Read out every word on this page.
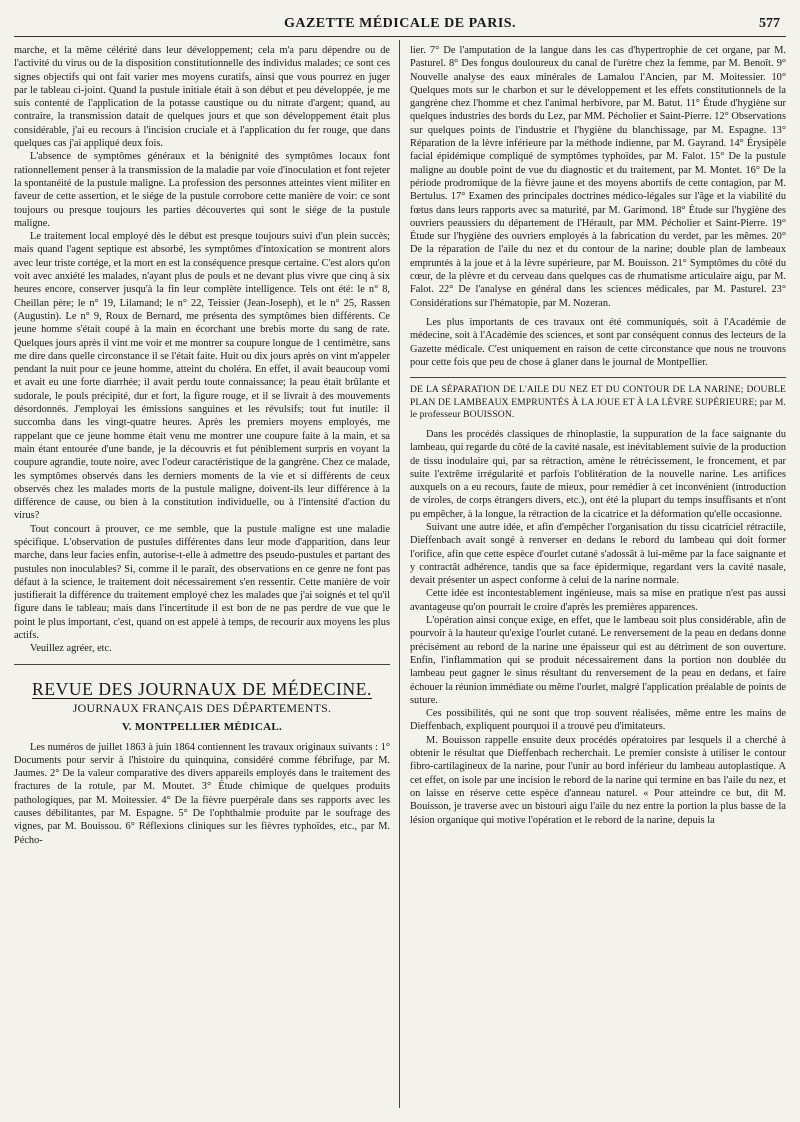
GAZETTE MÉDICALE DE PARIS.	577

marche, et la même célérité dans leur développement; cela m'a paru dépendre ou de l'activité du virus ou de la disposition constitutionnelle des individus malades; ce sont ces signes objectifs qui ont fait varier mes moyens curatifs, ainsi que vous pourrez en juger par le tableau ci-joint. Quand la pustule initiale était à son début et peu développée, je me suis contenté de l'application de la potasse caustique ou du nitrate d'argent; quand, au contraire, la transmission datait de quelques jours et que son développement était plus considérable, j'ai eu recours à l'incision cruciale et à l'application du fer rouge, que dans quelques cas j'ai appliqué deux fois.

L'absence de symptômes généraux et la bénignité des symptômes locaux font rationnellement penser à la transmission de la maladie par voie d'inoculation et font rejeter la spontanéité de la pustule maligne. La profession des personnes atteintes vient militer en faveur de cette assertion, et le siége de la pustule corrobore cette manière de voir: ce sont toujours ou presque toujours les parties découvertes qui sont le siége de la pustule maligne.

Le traitement local employé dès le début est presque toujours suivi d'un plein succès; mais quand l'agent septique est absorbé, les symptômes d'intoxication se montrent alors avec leur triste cortége, et la mort en est la conséquence presque certaine. C'est alors qu'on voit avec anxiété les malades, n'ayant plus de pouls et ne devant plus vivre que cinq à six heures encore, conserver jusqu'à la fin leur complète intelligence. Tels ont été: le n° 8, Cheillan père; le n° 19, Lilamand; le n° 22, Teissier (Jean-Joseph), et le n° 25, Rassen (Augustin). Le n° 9, Roux de Bernard, me présenta des symptômes bien différents. Ce jeune homme s'était coupé à la main en écorchant une brebis morte du sang de rate. Quelques jours après il vint me voir et me montrer sa coupure longue de 1 centimètre, sans me dire dans quelle circonstance il se l'était faite. Huit ou dix jours après on vint m'appeler pendant la nuit pour ce jeune homme, atteint du choléra. En effet, il avait beaucoup vomi et avait eu une forte diarrhée; il avait perdu toute connaissance; la peau était brûlante et sudorale, le pouls précipité, dur et fort, la figure rouge, et il se livrait à des mouvements désordonnés. J'employai les émissions sanguines et les révulsifs; tout fut inutile: il succomba dans les vingt-quatre heures. Après les premiers moyens employés, me rappelant que ce jeune homme était venu me montrer une coupure faite à la main, et sa main étant entourée d'une bande, je la découvris et fut péniblement surpris en voyant la coupure agrandie, toute noire, avec l'odeur caractéristique de la gangrène. Chez ce malade, les symptômes observés dans les derniers moments de la vie et si différents de ceux observés chez les malades morts de la pustule maligne, doivent-ils leur différence à la différence de cause, ou bien à la constitution individuelle, ou à l'intensité d'action du virus?

Tout concourt à prouver, ce me semble, que la pustule maligne est une maladie spécifique. L'observation de pustules différentes dans leur mode d'apparition, dans leur marche, dans leur facies enfin, autorise-t-elle à admettre des pseudo-pustules et partant des pustules non inoculables? Si, comme il le paraît, des observations en ce genre ne font pas défaut à la science, le traitement doit nécessairement s'en ressentir. Cette manière de voir justifierait la différence du traitement employé chez les malades que j'ai soignés et tel qu'il figure dans le tableau; mais dans l'incertitude il est bon de ne pas perdre de vue que le point le plus important, c'est, quand on est appelé à temps, de recourir aux moyens les plus actifs.

Veuillez agréer, etc.

REVUE DES JOURNAUX DE MÉDECINE.
JOURNAUX FRANÇAIS DES DÉPARTEMENTS.
V. MONTPELLIER MÉDICAL.

Les numéros de juillet 1863 à juin 1864 contiennent les travaux originaux suivants : 1° Documents pour servir à l'histoire du quinquina, considéré comme fébrifuge, par M. Jaumes. 2° De la valeur comparative des divers appareils employés dans le traitement des fractures de la rotule, par M. Moutet. 3° Étude chimique de quelques produits pathologiques, par M. Moitessier. 4° De la fièvre puerpérale dans ses rapports avec les causes débilitantes, par M. Espagne. 5° De l'ophthalmie produite par le soufrage des vignes, par M. Bouissou. 6° Réflexions cliniques sur les fièvres typhoïdes, etc., par M. Pécho-

lier. 7° De l'amputation de la langue dans les cas d'hypertrophie de cet organe, par M. Pasturel. 8° Des fongus douloureux du canal de l'urètre chez la femme, par M. Benoît. 9° Nouvelle analyse des eaux minérales de Lamalou l'Ancien, par M. Moitessier. 10° Quelques mots sur le charbon et sur le développement et les effets constitutionnels de la gangrène chez l'homme et chez l'animal herbivore, par M. Batut. 11° Étude d'hygiène sur quelques industries des bords du Lez, par MM. Pécholier et Saint-Pierre. 12° Observations sur quelques points de l'industrie et l'hygiène du blanchissage, par M. Espagne. 13° Réparation de la lèvre inférieure par la méthode indienne, par M. Gayrand. 14° Érysipèle facial épidémique compliqué de symptômes typhoïdes, par M. Falot. 15° De la pustule maligne au double point de vue du diagnostic et du traitement, par M. Montet. 16° De la période prodromique de la fièvre jaune et des moyens abortifs de cette contagion, par M. Bertulus. 17° Examen des principales doctrines médico-légales sur l'âge et la viabilité du fœtus dans leurs rapports avec sa maturité, par M. Garimond. 18° Étude sur l'hygiène des ouvriers peaussiers du département de l'Hérault, par MM. Pécholier et Saint-Pierre. 19° Étude sur l'hygiène des ouvriers employés à la fabrication du verdet, par les mêmes. 20° De la réparation de l'aile du nez et du contour de la narine; double plan de lambeaux empruntés à la joue et à la lèvre supérieure, par M. Bouisson. 21° Symptômes du côté du cœur, de la plèvre et du cerveau dans quelques cas de rhumatisme articulaire aigu, par M. Falot. 22° De l'analyse en général dans les sciences médicales, par M. Pasturel. 23° Considérations sur l'hématopie, par M. Nozeran.

Les plus importants de ces travaux ont été communiqués, soit à l'Académie de médecine, soit à l'Académie des sciences, et sont par conséquent connus des lecteurs de la Gazette médicale. C'est uniquement en raison de cette circonstance que nous ne trouvons pour cette fois que peu de chose à glaner dans le journal de Montpellier.

DE LA SÉPARATION DE L'AILE DU NEZ ET DU CONTOUR DE LA NARINE; DOUBLE PLAN DE LAMBEAUX EMPRUNTÉS À LA JOUE ET À LA LÈVRE SUPÉRIEURE; par M. le professeur BOUISSON.

Dans les procédés classiques de rhinoplastie, la suppuration de la face saignante du lambeau, qui regarde du côté de la cavité nasale, est inévitablement suivie de la production de tissu inodulaire qui, par sa rétraction, amène le rétrécissement, le froncement, et par suite l'extrême irrégularité et parfois l'oblitération de la nouvelle narine. Les artifices auxquels on a eu recours, faute de mieux, pour remédier à cet inconvénient (introduction de viroles, de corps étrangers divers, etc.), ont été la plupart du temps insuffisants et n'ont pu empêcher, à la longue, la rétraction de la cicatrice et la déformation qu'elle occasionne.

Suivant une autre idée, et afin d'empêcher l'organisation du tissu cicatriciel rétractile, Dieffenbach avait songé à renverser en dedans le rebord du lambeau qui doit former l'orifice, afin que cette espèce d'ourlet cutané s'adossât à lui-même par la face saignante et y contractât adhérence, tandis que sa face épidermique, regardant vers la cavité nasale, devait présenter un aspect conforme à celui de la narine normale.

Cette idée est incontestablement ingénieuse, mais sa mise en pratique n'est pas aussi avantageuse qu'on pourrait le croire d'après les premières apparences.

L'opération ainsi conçue exige, en effet, que le lambeau soit plus considérable, afin de pourvoir à la hauteur qu'exige l'ourlet cutané. Le renversement de la peau en dedans donne précisément au rebord de la narine une épaisseur qui est au détriment de son ouverture. Enfin, l'inflammation qui se produit nécessairement dans la portion non doublée du lambeau peut gagner le sinus résultant du renversement de la peau en dedans, et faire échouer la réunion immédiate ou même l'ourlet, malgré l'application préalable de points de suture.

Ces possibilités, qui ne sont que trop souvent réalisées, même entre les mains de Dieffenbach, expliquent pourquoi il a trouvé peu d'imitateurs.

M. Bouisson rappelle ensuite deux procédés opératoires par lesquels il a cherché à obtenir le résultat que Dieffenbach recherchait. Le premier consiste à utiliser le contour fibro-cartilagineux de la narine, pour l'unir au bord inférieur du lambeau autoplastique. A cet effet, on isole par une incision le rebord de la narine qui termine en bas l'aile du nez, et on laisse en réserve cette espèce d'anneau naturel. « Pour atteindre ce but, dit M. Bouisson, je traverse avec un bistouri aigu l'aile du nez entre la portion la plus basse de la lésion organique qui motive l'opération et le rebord de la narine, depuis la
